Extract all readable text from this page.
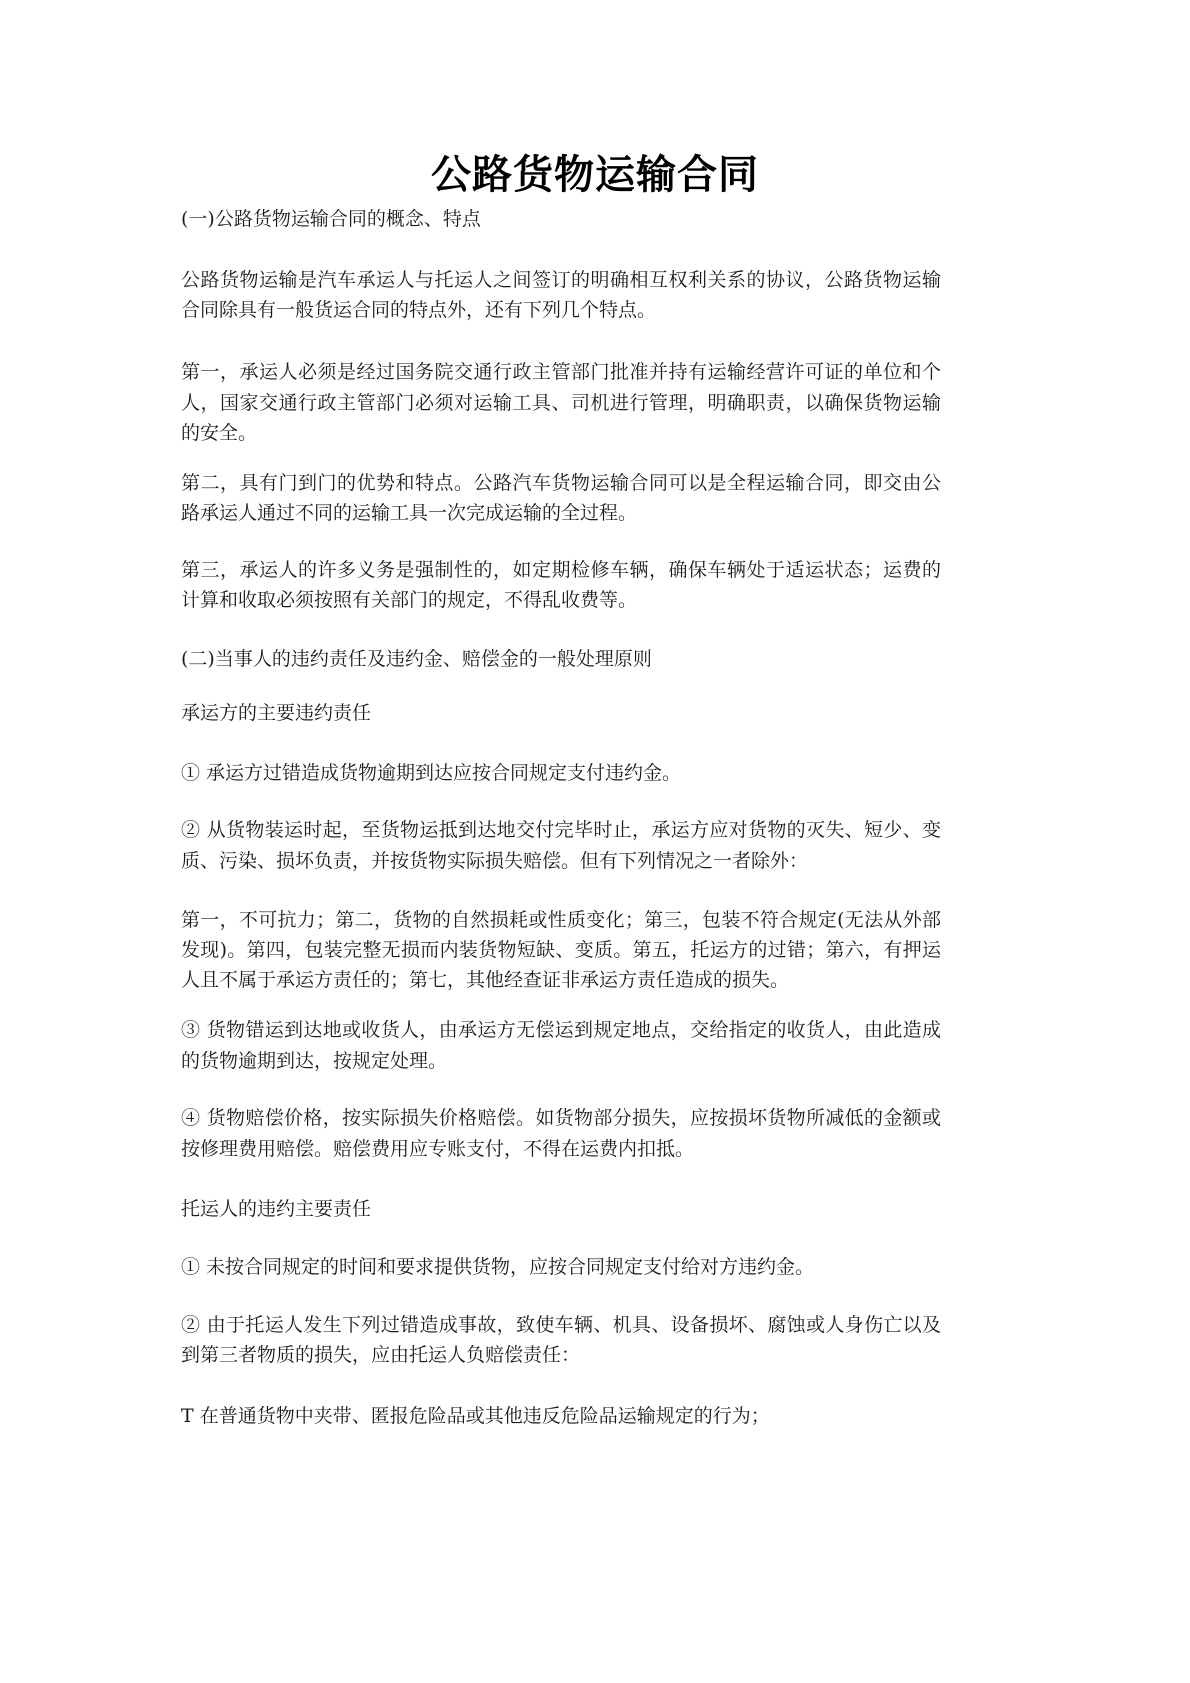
公路货物运输合同
(一)公路货物运输合同的概念、特点
公路货物运输是汽车承运人与托运人之间签订的明确相互权利关系的协议，公路货物运输
合同除具有一般货运合同的特点外，还有下列几个特点。
第一，承运人必须是经过国务院交通行政主管部门批准并持有运输经营许可证的单位和个
人，国家交通行政主管部门必须对运输工具、司机进行管理，明确职责，以确保货物运输
的安全。
第二，具有门到门的优势和特点。公路汽车货物运输合同可以是全程运输合同，即交由公
路承运人通过不同的运输工具一次完成运输的全过程。
第三，承运人的许多义务是强制性的，如定期检修车辆，确保车辆处于适运状态；运费的
计算和收取必须按照有关部门的规定，不得乱收费等。
(二)当事人的违约责任及违约金、赔偿金的一般处理原则
承运方的主要违约责任
① 承运方过错造成货物逾期到达应按合同规定支付违约金。
② 从货物装运时起，至货物运抵到达地交付完毕时止，承运方应对货物的灭失、短少、变
质、污染、损坏负责，并按货物实际损失赔偿。但有下列情况之一者除外：
第一，不可抗力；第二，货物的自然损耗或性质变化；第三，包装不符合规定(无法从外部
发现)。第四，包装完整无损而内装货物短缺、变质。第五，托运方的过错；第六，有押运
人且不属于承运方责任的；第七，其他经查证非承运方责任造成的损失。
③ 货物错运到达地或收货人，由承运方无偿运到规定地点，交给指定的收货人，由此造成
的货物逾期到达，按规定处理。
④ 货物赔偿价格，按实际损失价格赔偿。如货物部分损失，应按损坏货物所减低的金额或
按修理费用赔偿。赔偿费用应专账支付，不得在运费内扣抵。
托运人的违约主要责任
① 未按合同规定的时间和要求提供货物，应按合同规定支付给对方违约金。
② 由于托运人发生下列过错造成事故，致使车辆、机具、设备损坏、腐蚀或人身伤亡以及
到第三者物质的损失，应由托运人负赔偿责任：
T 在普通货物中夹带、匿报危险品或其他违反危险品运输规定的行为；
